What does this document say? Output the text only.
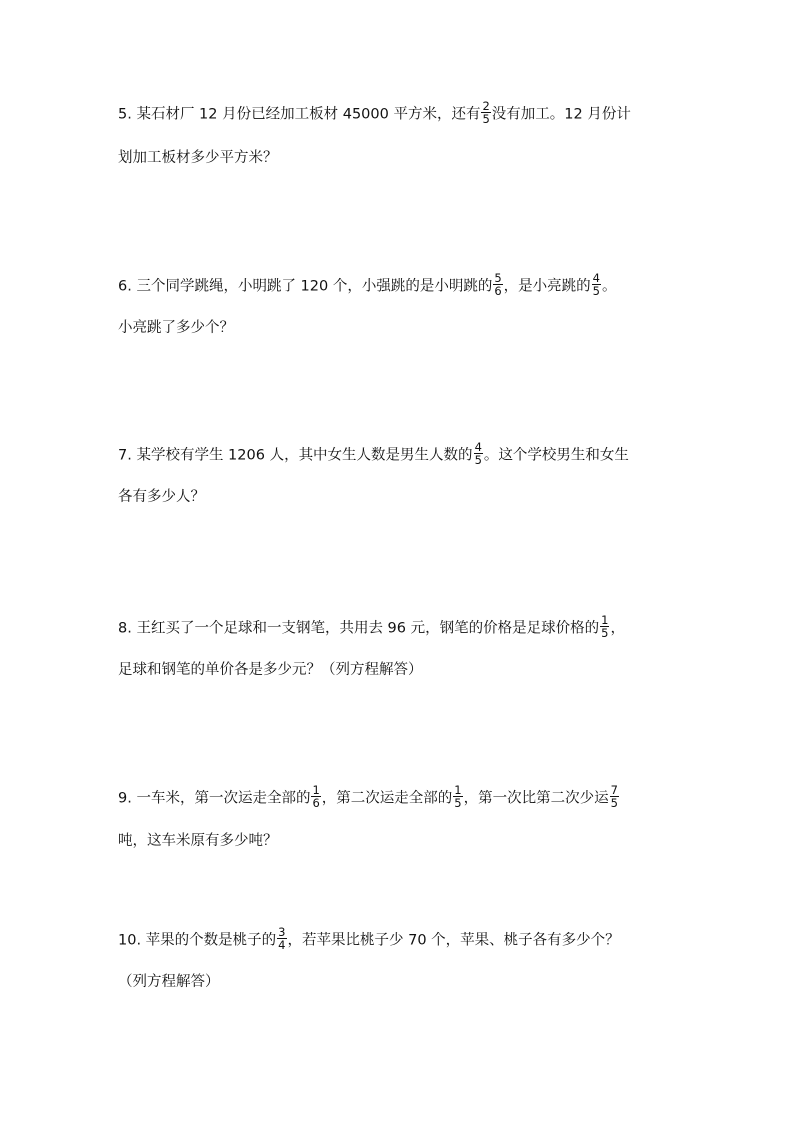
5. 某石材厂 12 月份已经加工板材 45000 平方米，还有 $\frac{2}{5}$ 没有加工。12 月份计
划加工板材多少平方米？
6. 三个同学跳绳，小明跳了 120 个，小强跳的是小明跳的 $\frac{5}{6}$ ，是小亮跳的 $\frac{4}{5}$ 。
小亮跳了多少个？
7. 某学校有学生 1206 人，其中女生人数是男生人数的 $\frac{4}{5}$ 。这个学校男生和女生
各有多少人？
8. 王红买了一个足球和一支钢笔，共用去 96 元，钢笔的价格是足球价格的 $\frac{1}{5}$ ，
足球和钢笔的单价各是多少元？（列方程解答）
9. 一车米，第一次运走全部的 $\frac{1}{6}$ ，第二次运走全部的 $\frac{1}{5}$ ，第一次比第二次少运 $\frac{7}{5}$
吨，这车米原有多少吨？
10. 苹果的个数是桃子的 $\frac{3}{4}$ ，若苹果比桃子少 70 个，苹果、桃子各有多少个？
（列方程解答）
